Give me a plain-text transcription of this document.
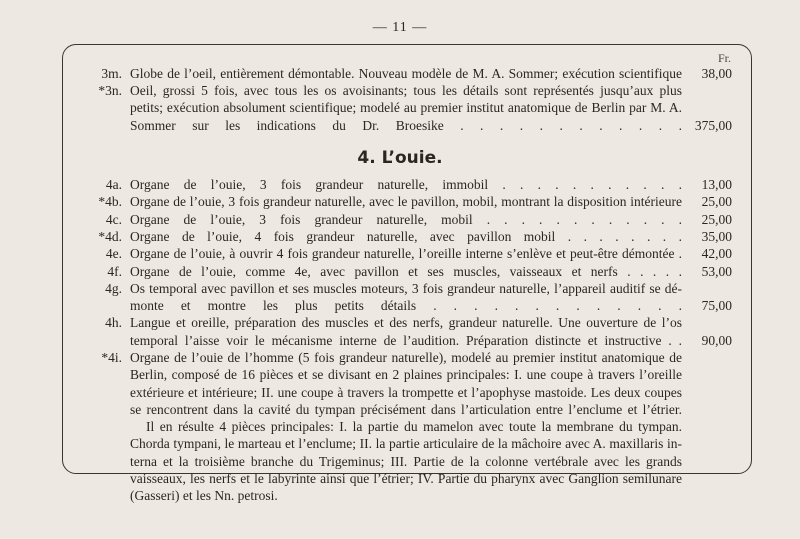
— 11 —
Fr.
3m. Globe de l’oeil, entièrement démontable. Nouveau modèle de M. A. Sommer; exécution scientifique	38,00
*3n. Oeil, grossi 5 fois, avec tous les os avoisinants; tous les détails sont représentés jusqu’aux plus
petits; exécution absolument scientifique; modelé au premier institut anatomique de Berlin par M. A.
Sommer sur les indications du Dr. Broesike . . . . . . . . . . . . 375,00
4. L’ouie.
4a. Organe de l’ouie, 3 fois grandeur naturelle, immobil . . . . . . . . . . .	13,00
*4b. Organe de l’ouie, 3 fois grandeur naturelle, avec le pavillon, mobil, montrant la disposition intérieure	25,00
4c. Organe de l’ouie, 3 fois grandeur naturelle, mobil . . . . . . . . . . . .	25,00
*4d. Organe de l’ouie, 4 fois grandeur naturelle, avec pavillon mobil . . . . . . . .	35,00
4e. Organe de l’ouie, à ouvrir 4 fois grandeur naturelle, l’oreille interne s’enlève et peut-être démontée .	42,00
4f. Organe de l’ouie, comme 4e, avec pavillon et ses muscles, vaisseaux et nerfs . . . . .	53,00
4g. Os temporal avec pavillon et ses muscles moteurs, 3 fois grandeur naturelle, l’appareil auditif se dé-
monte et montre les plus petits détails . . . . . . . . . . . . .	75,00
4h. Langue et oreille, préparation des muscles et des nerfs, grandeur naturelle. Une ouverture de l’os
temporal l’aisse voir le mécanisme interne de l’audition. Préparation distincte et instructive . .	90,00
*4i. Organe de l’ouie de l’homme (5 fois grandeur naturelle), modelé au premier institut anatomique de
Berlin, composé de 16 pièces et se divisant en 2 plaines principales: I. une coupe à travers l’oreille
extérieure et intérieure; II. une coupe à travers la trompette et l’apophyse mastoide. Les deux coupes
se rencontrent dans la cavité du tympan précisément dans l’articulation entre l’enclume et l’étrier.
Il en résulte 4 pièces principales: I. la partie du mamelon avec toute la membrane du tympan.
Chorda tympani, le marteau et l’enclume; II. la partie articulaire de la mâchoire avec A. maxillaris in-
terna et la troisième branche du Trigeminus; III. Partie de la colonne vertébrale avec les grands
vaisseaux, les nerfs et le labyrinte ainsi que l’étrier; IV. Partie du pharynx avec Ganglion semilunare
(Gasseri) et les Nn. petrosi.
